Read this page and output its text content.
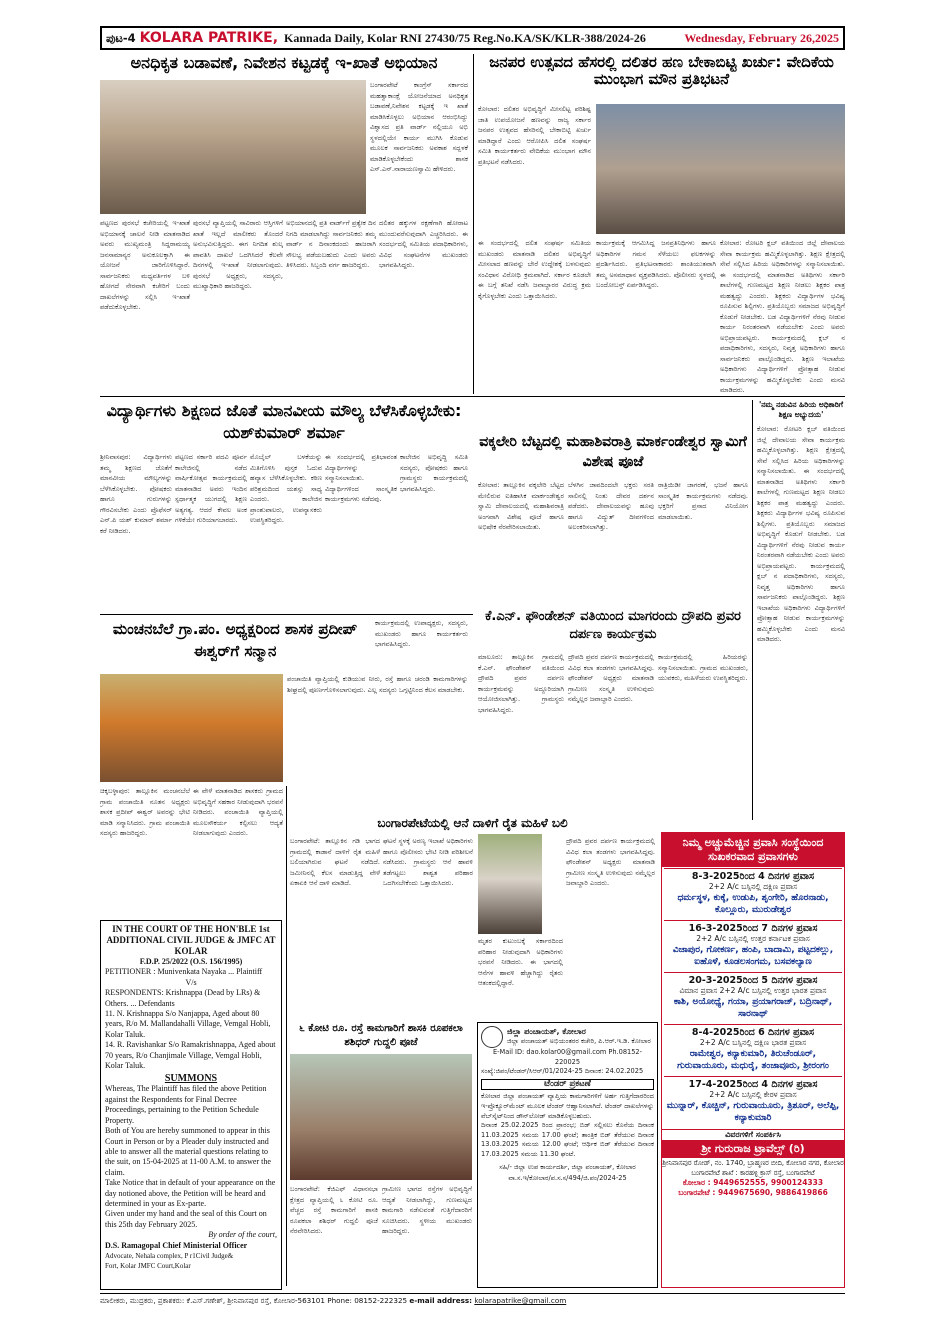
ಪುಟ-4 KOLARA PATRIKE, Kannada Daily, Kolar RNI 27430/75 Reg.No.KA/SK/KLR-388/2024-26	Wednesday, February 26,2025
ಅನಧಿಕೃತ ಬಡಾವಣೆ, ನಿವೇಶನ ಕಟ್ಟಡಕ್ಕೆ ಇ-ಖಾತೆ ಅಭಿಯಾನ
ಬಂಗಾರಪೇಟೆ ಕಾಂಗ್ರೆಸ್ ಸರ್ಕಾರದ ಮಹತ್ವಾಕಾಂಕ್ಷೆ ಯೋಜನೆಯಾದ ಅನಧಿಕೃತ ಬಡಾವಣೆ,ನಿವೇಶನ ಕಟ್ಟಡಕ್ಕೆ ಇ ಖಾತೆ ಮಾಡಿಸಿಕೊಳ್ಳಲು ಅಭಿಯಾನ ಆರಂಭಿಸಿದ್ದು ವಿಶ್ವಾಸದ ಪ್ರತಿ ವಾರ್ಡ್ ನಲ್ಲಿಯೂ ಅಭಿ ಸ್ಥಳದಲ್ಲಿಯೇ ಕಾರ್ಯ ಮುಗಿಸಿ ಕೊಡುವ ಮೂಲಕ ಸಾರ್ವಜನಿಕರು ಅವಕಾಶ ಸದ್ಬಳಕೆ ಮಾಡಿಕೊಳ್ಳಬೇಕೆಂದು ಶಾಸಕ ಎಸ್.ಎನ್.ನಾರಾಯಣಸ್ವಾಮಿ ಹೇಳಿದರು.
ಪಟ್ಟಣದ ಪುರಸಭೆ ಕಚೇರಿಯಲ್ಲಿ ಇ-ಖಾತೆ ಅಭಿಯಾನಕ್ಕೆ ಚಾಲನೆ ನೀಡಿ ಮಾತನಾಡಿದ ಅವರು ಮುಖ್ಯಮಂತ್ರಿ ಸಿದ್ದರಾಮಯ್ಯ ಜನಸಾಮಾನ್ಯರ ಅನುಕೂಲಕ್ಕಾಗಿ ಈ ಯೋಜನೆ ಜಾರಿಗೊಳಿಸಿದ್ದಾರೆ. ಸಾರ್ವಜನಿಕರು ಮಧ್ಯವರ್ತಿಗಳ ಬಳಿ ಹೋಗದೆ ನೇರವಾಗಿ ಕಚೇರಿಗೆ ಬಂದು ದಾಖಲೆಗಳನ್ನು ಸಲ್ಲಿಸಿ ಇ-ಖಾತೆ ಪಡೆದುಕೊಳ್ಳಬೇಕು.
ಪುರಸಭೆ ವ್ಯಾಪ್ತಿಯಲ್ಲಿ ಸಾವಿರಾರು ಆಸ್ತಿಗಳಿಗೆ ಖಾತೆ ಇಲ್ಲದೆ ಮಾಲೀಕರು ತೊಂದರೆ ಅನುಭವಿಸುತ್ತಿದ್ದರು. ಈಗ ನಿಗದಿತ ಶುಲ್ಕ ಪಾವತಿಸಿ ದಾಖಲೆ ಒದಗಿಸಿದರೆ ಕೆಲವೇ ದಿನಗಳಲ್ಲಿ ಇ-ಖಾತೆ ನೀಡಲಾಗುವುದು. ಪುರಸಭೆ ಅಧ್ಯಕ್ಷರು, ಸದಸ್ಯರು, ಮುಖ್ಯಾಧಿಕಾರಿ ಹಾಜರಿದ್ದರು.
ಅಭಿಯಾನದಲ್ಲಿ ಪ್ರತಿ ವಾರ್ಡ್‌ಗೆ ಪ್ರತ್ಯೇಕ ದಿನ ನಿಗದಿ ಮಾಡಲಾಗಿದ್ದು ಸಾರ್ವಜನಿಕರು ತಮ್ಮ ವಾರ್ಡ್ ನ ದಿನಾಂಕದಂದು ಹಾಜರಾಗಿ ಸೌಲಭ್ಯ ಪಡೆಯಬಹುದು ಎಂದು ಅವರು ತಿಳಿಸಿದರು. ಸಿಬ್ಬಂದಿ ವರ್ಗ ಹಾಜರಿದ್ದರು.
ದಲಿತರ ಹಕ್ಕುಗಳ ರಕ್ಷಣೆಗಾಗಿ ಹೋರಾಟ ಮುಂದುವರೆಸುವುದಾಗಿ ಎಚ್ಚರಿಸಿದರು. ಈ ಸಂದರ್ಭದಲ್ಲಿ ಸಮಿತಿಯ ಪದಾಧಿಕಾರಿಗಳು, ವಿವಿಧ ಸಂಘಟನೆಗಳ ಮುಖಂಡರು ಭಾಗವಹಿಸಿದ್ದರು.
ಜನಪರ ಉತ್ಸವದ ಹೆಸರಲ್ಲಿ ದಲಿತರ ಹಣ ಬೇಕಾಬಿಟ್ಟಿ ಖರ್ಚು: ವೇದಿಕೆಯ ಮುಂಭಾಗ ಮೌನ ಪ್ರತಿಭಟನೆ
ಕೋಲಾರ: ದಲಿತರ ಅಭಿವೃದ್ಧಿಗೆ ಮೀಸಲಿಟ್ಟ ಪರಿಶಿಷ್ಟ ಜಾತಿ ಉಪಯೋಜನೆ ಹಣವನ್ನು ರಾಜ್ಯ ಸರ್ಕಾರ ಜನಪರ ಉತ್ಸವದ ಹೆಸರಿನಲ್ಲಿ ಬೇಕಾಬಿಟ್ಟಿ ಖರ್ಚು ಮಾಡಿದ್ದಾರೆ ಎಂದು ಆರೋಪಿಸಿ ದಲಿತ ಸಂಘರ್ಷ ಸಮಿತಿ ಕಾರ್ಯಕರ್ತರು ವೇದಿಕೆಯ ಮುಂಭಾಗ ಮೌನ ಪ್ರತಿಭಟನೆ ನಡೆಸಿದರು.
ಈ ಸಂದರ್ಭದಲ್ಲಿ ದಲಿತ ಸಂಘರ್ಷ ಸಮಿತಿಯ ಮುಖಂಡರು ಮಾತನಾಡಿ ದಲಿತರ ಅಭಿವೃದ್ಧಿಗೆ ಮೀಸಲಾದ ಹಣವನ್ನು ಬೇರೆ ಉದ್ದೇಶಕ್ಕೆ ಬಳಸುವುದು ಸಂವಿಧಾನ ವಿರೋಧಿ ಕ್ರಮವಾಗಿದೆ. ಸರ್ಕಾರ ಕೂಡಲೇ ಈ ಬಗ್ಗೆ ತನಿಖೆ ನಡೆಸಿ ಜವಾಬ್ದಾರರ ವಿರುದ್ಧ ಕ್ರಮ ಕೈಗೊಳ್ಳಬೇಕು ಎಂದು ಒತ್ತಾಯಿಸಿದರು.
ಕಾರ್ಯಕ್ರಮಕ್ಕೆ ಆಗಮಿಸಿದ್ದ ಜನಪ್ರತಿನಿಧಿಗಳು ಹಾಗೂ ಅಧಿಕಾರಿಗಳ ಗಮನ ಸೆಳೆಯಲು ಫಲಕಗಳನ್ನು ಪ್ರದರ್ಶಿಸಿದರು. ಪ್ರತಿಭಟನಾಕಾರರು ಶಾಂತಿಯುತವಾಗಿ ತಮ್ಮ ಅಸಮಾಧಾನ ವ್ಯಕ್ತಪಡಿಸಿದರು. ಪೊಲೀಸರು ಸ್ಥಳದಲ್ಲಿ ಬಂದೋಬಸ್ತ್ ಏರ್ಪಡಿಸಿದ್ದರು.
ಕೋಲಾರ: ರೋಟರಿ ಕ್ಲಬ್ ವತಿಯಿಂದ ಜಿಲ್ಲೆ ದೇವಾಲಯ ಸೇವಾ ಕಾರ್ಯಕ್ರಮ ಹಮ್ಮಿಕೊಳ್ಳಲಾಗಿತ್ತು. ಶಿಕ್ಷಣ ಕ್ಷೇತ್ರದಲ್ಲಿ ಸೇವೆ ಸಲ್ಲಿಸಿದ ಹಿರಿಯ ಅಧಿಕಾರಿಗಳನ್ನು ಸನ್ಮಾನಿಸಲಾಯಿತು. ಈ ಸಂದರ್ಭದಲ್ಲಿ ಮಾತನಾಡಿದ ಅತಿಥಿಗಳು ಸರ್ಕಾರಿ ಶಾಲೆಗಳಲ್ಲಿ ಗುಣಮಟ್ಟದ ಶಿಕ್ಷಣ ನೀಡಲು ಶಿಕ್ಷಕರ ಪಾತ್ರ ಮಹತ್ವದ್ದು ಎಂದರು. ಶಿಕ್ಷಕರು ವಿದ್ಯಾರ್ಥಿಗಳ ಭವಿಷ್ಯ ರೂಪಿಸುವ ಶಿಲ್ಪಿಗಳು. ಪ್ರತಿಯೊಬ್ಬರು ಸಮಾಜದ ಅಭಿವೃದ್ಧಿಗೆ ಕೊಡುಗೆ ನೀಡಬೇಕು. ಬಡ ವಿದ್ಯಾರ್ಥಿಗಳಿಗೆ ನೆರವು ನೀಡುವ ಕಾರ್ಯ ನಿರಂತರವಾಗಿ ನಡೆಯಬೇಕು ಎಂದು ಅವರು ಅಭಿಪ್ರಾಯಪಟ್ಟರು. ಕಾರ್ಯಕ್ರಮದಲ್ಲಿ ಕ್ಲಬ್ ನ ಪದಾಧಿಕಾರಿಗಳು, ಸದಸ್ಯರು, ನಿವೃತ್ತ ಅಧಿಕಾರಿಗಳು ಹಾಗೂ ಸಾರ್ವಜನಿಕರು ಪಾಲ್ಗೊಂಡಿದ್ದರು. ಶಿಕ್ಷಣ ಇಲಾಖೆಯ ಅಧಿಕಾರಿಗಳು ವಿದ್ಯಾರ್ಥಿಗಳಿಗೆ ಪ್ರೋತ್ಸಾಹ ನೀಡುವ ಕಾರ್ಯಕ್ರಮಗಳನ್ನು ಹಮ್ಮಿಕೊಳ್ಳಬೇಕು ಎಂದು ಮನವಿ ಮಾಡಿದರು.
ವಿದ್ಯಾರ್ಥಿಗಳು ಶಿಕ್ಷಣದ ಜೊತೆ ಮಾನವೀಯ ಮೌಲ್ಯ ಬೆಳೆಸಿಕೊಳ್ಳಬೇಕು: ಯಶ್‌ಕುಮಾರ್ ಶರ್ಮಾ
ಶ್ರೀನಿವಾಸಪುರ: ವಿದ್ಯಾರ್ಥಿಗಳು ತಮ್ಮ ಶಿಕ್ಷಣದ ಜೊತೆಗೆ ಮಾನವೀಯ ಮೌಲ್ಯಗಳನ್ನು ಬೆಳೆಸಿಕೊಳ್ಳಬೇಕು. ಪೋಷಕರು ಹಾಗೂ ಗುರುಗಳನ್ನು ಗೌರವಿಸಬೇಕು ಎಂದು ಪ್ರೊಫೆಸರ್ ಎನ್.ಪಿ ಯಶ್ ಕುಮಾರ್ ಶರ್ಮಾ ಕರೆ ನೀಡಿದರು.
ಪಟ್ಟಣದ ಸರ್ಕಾರಿ ಪದವಿ ಪೂರ್ವ ಕಾಲೇಜಿನಲ್ಲಿ ನಡೆದ ವಾರ್ಷಿಕೋತ್ಸವ ಕಾರ್ಯಕ್ರಮದಲ್ಲಿ ಮಾತನಾಡಿದ ಅವರು ಇಂದಿನ ಸ್ಪರ್ಧಾತ್ಮಕ ಯುಗದಲ್ಲಿ ಶಿಕ್ಷಣ ಅತ್ಯಗತ್ಯ. ಆದರೆ ಕೇವಲ ಅಂಕ ಗಳಿಕೆಯೇ ಗುರಿಯಾಗಬಾರದು.
ಮೊಬೈಲ್ ಬಳಕೆಯನ್ನು ಮಿತಿಗೊಳಿಸಿ ಪುಸ್ತಕ ಓದುವ ಹವ್ಯಾಸ ಬೆಳೆಸಿಕೊಳ್ಳಬೇಕು. ಕಠಿಣ ಪರಿಶ್ರಮದಿಂದ ಯಶಸ್ಸು ಸಾಧ್ಯ ಎಂದರು. ಕಾಲೇಜಿನ ಪ್ರಾಂಶುಪಾಲರು, ಉಪನ್ಯಾಸಕರು ಉಪಸ್ಥಿತರಿದ್ದರು.
ಈ ಸಂದರ್ಭದಲ್ಲಿ ಪ್ರತಿಭಾವಂತ ವಿದ್ಯಾರ್ಥಿಗಳನ್ನು ಸನ್ಮಾನಿಸಲಾಯಿತು. ವಿದ್ಯಾರ್ಥಿಗಳಿಂದ ಸಾಂಸ್ಕೃತಿಕ ಕಾರ್ಯಕ್ರಮಗಳು ನಡೆದವು.
ಕಾಲೇಜಿನ ಅಭಿವೃದ್ಧಿ ಸಮಿತಿ ಸದಸ್ಯರು, ಪೋಷಕರು ಹಾಗೂ ಗ್ರಾಮಸ್ಥರು ಕಾರ್ಯಕ್ರಮದಲ್ಲಿ ಭಾಗವಹಿಸಿದ್ದರು.
ವಕ್ಕಲೇರಿ ಬೆಟ್ಟದಲ್ಲಿ ಮಹಾಶಿವರಾತ್ರಿ ಮಾರ್ಕಂಡೇಶ್ವರ ಸ್ವಾಮಿಗೆ ವಿಶೇಷ ಪೂಜೆ
ಕೋಲಾರ: ತಾಲ್ಲೂಕಿನ ವಕ್ಕಲೇರಿ ಬೆಟ್ಟದ ಮೇಲಿರುವ ಐತಿಹಾಸಿಕ ಮಾರ್ಕಂಡೇಶ್ವರ ಸ್ವಾಮಿ ದೇವಾಲಯದಲ್ಲಿ ಮಹಾಶಿವರಾತ್ರಿ ಅಂಗವಾಗಿ ವಿಶೇಷ ಪೂಜೆ ಹಾಗೂ ಅಭಿಷೇಕ ನೆರವೇರಿಸಲಾಯಿತು.
ಬೆಳಗಿನ ಜಾವದಿಂದಲೇ ಭಕ್ತರು ಸರತಿ ಸಾಲಿನಲ್ಲಿ ನಿಂತು ದೇವರ ದರ್ಶನ ಪಡೆದರು. ದೇವಾಲಯವನ್ನು ಹೂವು ಹಾಗೂ ವಿದ್ಯುತ್ ದೀಪಗಳಿಂದ ಅಲಂಕರಿಸಲಾಗಿತ್ತು.
ರಾತ್ರಿಯಿಡೀ ಜಾಗರಣೆ, ಭಜನೆ ಹಾಗೂ ಸಾಂಸ್ಕೃತಿಕ ಕಾರ್ಯಕ್ರಮಗಳು ನಡೆದವು. ಭಕ್ತರಿಗೆ ಪ್ರಸಾದ ವಿನಿಯೋಗ ಮಾಡಲಾಯಿತು.
'ನಮ್ಮ ನಡುವಿನ ಹಿರಿಯ ಅಧಿಕಾರಿಗೆ ಶಿಕ್ಷಣ ಅಭ್ಯುದಯ'
ಕೋಲಾರ: ರೋಟರಿ ಕ್ಲಬ್ ವತಿಯಿಂದ ಜಿಲ್ಲೆ ದೇವಾಲಯ ಸೇವಾ ಕಾರ್ಯಕ್ರಮ ಹಮ್ಮಿಕೊಳ್ಳಲಾಗಿತ್ತು. ಶಿಕ್ಷಣ ಕ್ಷೇತ್ರದಲ್ಲಿ ಸೇವೆ ಸಲ್ಲಿಸಿದ ಹಿರಿಯ ಅಧಿಕಾರಿಗಳನ್ನು ಸನ್ಮಾನಿಸಲಾಯಿತು. ಈ ಸಂದರ್ಭದಲ್ಲಿ ಮಾತನಾಡಿದ ಅತಿಥಿಗಳು ಸರ್ಕಾರಿ ಶಾಲೆಗಳಲ್ಲಿ ಗುಣಮಟ್ಟದ ಶಿಕ್ಷಣ ನೀಡಲು ಶಿಕ್ಷಕರ ಪಾತ್ರ ಮಹತ್ವದ್ದು ಎಂದರು. ಶಿಕ್ಷಕರು ವಿದ್ಯಾರ್ಥಿಗಳ ಭವಿಷ್ಯ ರೂಪಿಸುವ ಶಿಲ್ಪಿಗಳು. ಪ್ರತಿಯೊಬ್ಬರು ಸಮಾಜದ ಅಭಿವೃದ್ಧಿಗೆ ಕೊಡುಗೆ ನೀಡಬೇಕು. ಬಡ ವಿದ್ಯಾರ್ಥಿಗಳಿಗೆ ನೆರವು ನೀಡುವ ಕಾರ್ಯ ನಿರಂತರವಾಗಿ ನಡೆಯಬೇಕು ಎಂದು ಅವರು ಅಭಿಪ್ರಾಯಪಟ್ಟರು. ಕಾರ್ಯಕ್ರಮದಲ್ಲಿ ಕ್ಲಬ್ ನ ಪದಾಧಿಕಾರಿಗಳು, ಸದಸ್ಯರು, ನಿವೃತ್ತ ಅಧಿಕಾರಿಗಳು ಹಾಗೂ ಸಾರ್ವಜನಿಕರು ಪಾಲ್ಗೊಂಡಿದ್ದರು. ಶಿಕ್ಷಣ ಇಲಾಖೆಯ ಅಧಿಕಾರಿಗಳು ವಿದ್ಯಾರ್ಥಿಗಳಿಗೆ ಪ್ರೋತ್ಸಾಹ ನೀಡುವ ಕಾರ್ಯಕ್ರಮಗಳನ್ನು ಹಮ್ಮಿಕೊಳ್ಳಬೇಕು ಎಂದು ಮನವಿ ಮಾಡಿದರು.
ಕೆ.ಎನ್. ಫೌಂಡೇಶನ್ ವತಿಯಿಂದ ಮಾಗರಂದು ದ್ರೌಪದಿ ಪ್ರವರ ದರ್ಪಣ ಕಾರ್ಯಕ್ರಮ
ಮಾಲೂರು: ತಾಲ್ಲೂಕಿನ ಗ್ರಾಮದಲ್ಲಿ ಕೆ.ಎನ್. ಫೌಂಡೇಶನ್ ವತಿಯಿಂದ ದ್ರೌಪದಿ ಪ್ರವರ ದರ್ಪಣ ಕಾರ್ಯಕ್ರಮವನ್ನು ಅದ್ದೂರಿಯಾಗಿ ಆಯೋಜಿಸಲಾಗಿತ್ತು. ಗ್ರಾಮಸ್ಥರು ಭಾಗವಹಿಸಿದ್ದರು.
ದ್ರೌಪದಿ ಪ್ರವರ ದರ್ಪಣ ಕಾರ್ಯಕ್ರಮದಲ್ಲಿ ವಿವಿಧ ಕಲಾ ತಂಡಗಳು ಭಾಗವಹಿಸಿದ್ದವು. ಫೌಂಡೇಶನ್ ಅಧ್ಯಕ್ಷರು ಮಾತನಾಡಿ ಗ್ರಾಮೀಣ ಸಂಸ್ಕೃತಿ ಉಳಿಸುವುದು ನಮ್ಮೆಲ್ಲರ ಜವಾಬ್ದಾರಿ ಎಂದರು.
ಕಾರ್ಯಕ್ರಮದಲ್ಲಿ ಹಿರಿಯರನ್ನು ಸನ್ಮಾನಿಸಲಾಯಿತು. ಗ್ರಾಮದ ಮುಖಂಡರು, ಯುವಕರು, ಮಹಿಳೆಯರು ಉಪಸ್ಥಿತರಿದ್ದರು.
ಮಂಚನಬೆಲೆ ಗ್ರಾ.ಪಂ. ಅಧ್ಯಕ್ಷರಿಂದ ಶಾಸಕ ಪ್ರದೀಪ್ ಈಶ್ವರ್‌ಗೆ ಸನ್ಮಾನ
ಕಾರ್ಯಕ್ರಮದಲ್ಲಿ ಉಪಾಧ್ಯಕ್ಷರು, ಸದಸ್ಯರು, ಮುಖಂಡರು ಹಾಗೂ ಕಾರ್ಯಕರ್ತರು ಭಾಗವಹಿಸಿದ್ದರು.
ಪಂಚಾಯಿತಿ ವ್ಯಾಪ್ತಿಯಲ್ಲಿ ಕುಡಿಯುವ ನೀರು, ರಸ್ತೆ ಹಾಗೂ ಚರಂಡಿ ಕಾಮಗಾರಿಗಳನ್ನು ಶೀಘ್ರದಲ್ಲಿ ಪೂರ್ಣಗೊಳಿಸಲಾಗುವುದು. ಎಲ್ಲ ಸದಸ್ಯರು ಒಗ್ಗಟ್ಟಿನಿಂದ ಕೆಲಸ ಮಾಡಬೇಕು.
ಚಿಕ್ಕಬಳ್ಳಾಪುರ: ತಾಲ್ಲೂಕಿನ ಮಂಚನಬೆಲೆ ಗ್ರಾಮ ಪಂಚಾಯಿತಿ ನೂತನ ಅಧ್ಯಕ್ಷರು ಶಾಸಕ ಪ್ರದೀಪ್ ಈಶ್ವರ್ ಅವರನ್ನು ಭೇಟಿ ಮಾಡಿ ಸನ್ಮಾನಿಸಿದರು. ಗ್ರಾಮ ಪಂಚಾಯಿತಿ ಸದಸ್ಯರು ಹಾಜರಿದ್ದರು.
ಈ ವೇಳೆ ಮಾತನಾಡಿದ ಶಾಸಕರು ಗ್ರಾಮದ ಅಭಿವೃದ್ಧಿಗೆ ಸಹಕಾರ ನೀಡುವುದಾಗಿ ಭರವಸೆ ನೀಡಿದರು. ಪಂಚಾಯಿತಿ ವ್ಯಾಪ್ತಿಯಲ್ಲಿ ಮೂಲಸೌಕರ್ಯ ಕಲ್ಪಿಸಲು ಆದ್ಯತೆ ನೀಡಲಾಗುವುದು ಎಂದರು.
ಬಂಗಾರಪೇಟೆಯಲ್ಲಿ ಆನೆ ದಾಳಿಗೆ ರೈತ ಮಹಿಳೆ ಬಲಿ
ಬಂಗಾರಪೇಟೆ: ತಾಲ್ಲೂಕಿನ ಗಡಿ ಭಾಗದ ಗ್ರಾಮದಲ್ಲಿ ಕಾಡಾನೆ ದಾಳಿಗೆ ರೈತ ಮಹಿಳೆ ಬಲಿಯಾಗಿರುವ ಘಟನೆ ನಡೆದಿದೆ. ಜಮೀನಿನಲ್ಲಿ ಕೆಲಸ ಮಾಡುತ್ತಿದ್ದ ವೇಳೆ ಏಕಾಏಕಿ ಆನೆ ದಾಳಿ ಮಾಡಿದೆ.
ಘಟನೆ ಸ್ಥಳಕ್ಕೆ ಅರಣ್ಯ ಇಲಾಖೆ ಅಧಿಕಾರಿಗಳು ಹಾಗೂ ಪೊಲೀಸರು ಭೇಟಿ ನೀಡಿ ಪರಿಶೀಲನೆ ನಡೆಸಿದರು. ಗ್ರಾಮಸ್ಥರು ಆನೆ ಹಾವಳಿ ತಡೆಗಟ್ಟಲು ಶಾಶ್ವತ ಪರಿಹಾರ ಒದಗಿಸಬೇಕೆಂದು ಒತ್ತಾಯಿಸಿದರು.
ಮೃತರ ಕುಟುಂಬಕ್ಕೆ ಸರ್ಕಾರದಿಂದ ಪರಿಹಾರ ನೀಡುವುದಾಗಿ ಅಧಿಕಾರಿಗಳು ಭರವಸೆ ನೀಡಿದರು. ಈ ಭಾಗದಲ್ಲಿ ಆನೆಗಳ ಹಾವಳಿ ಹೆಚ್ಚಾಗಿದ್ದು ರೈತರು ಆತಂಕದಲ್ಲಿದ್ದಾರೆ.
ದ್ರೌಪದಿ ಪ್ರವರ ದರ್ಪಣ ಕಾರ್ಯಕ್ರಮದಲ್ಲಿ ವಿವಿಧ ಕಲಾ ತಂಡಗಳು ಭಾಗವಹಿಸಿದ್ದವು. ಫೌಂಡೇಶನ್ ಅಧ್ಯಕ್ಷರು ಮಾತನಾಡಿ ಗ್ರಾಮೀಣ ಸಂಸ್ಕೃತಿ ಉಳಿಸುವುದು ನಮ್ಮೆಲ್ಲರ ಜವಾಬ್ದಾರಿ ಎಂದರು.
IN THE COURT OF THE HON'BLE 1st ADDITIONAL CIVIL JUDGE & JMFC AT KOLAR
F.D.P. 25/2022 (O.S. 156/1995)
PETITIONER : Munivenkata Nayaka ... Plaintiff
V/s
RESPONDENTS: Krishnappa (Dead by LRs) & Others. ... Defendants
11. N. Krishnappa S/o Nanjappa, Aged about 80 years, R/o M. Mallandahalli Village, Vemgal Hobli, Kolar Taluk.
14. R. Ravishankar S/o Ramakrishnappa, Aged about 70 years, R/o Chanjimale Village, Vemgal Hobli, Kolar Taluk.
SUMMONS
Whereas, The Plaintiff has filed the above Petition against the Respondents for Final Decree Proceedings, pertaining to the Petition Schedule Property.
Both of You are hereby summoned to appear in this Court in Person or by a Pleader duly instructed and able to answer all the material questions relating to the suit, on 15-04-2025 at 11-00 A.M. to answer the claim.
Take Notice that in default of your appearance on the day notioned above, the Petition will be heard and determined in your as Ex-parte.
Given under my hand and the seal of this Court on this 25th day February 2025.
By order of the court,
D.S. Ramagopal Chief Ministerial Officer
Advocate, Nehala complex, P r1Civil Judge&
Fort, Kolar JMFC Court,Kolar
೬ ಕೋಟಿ ರೂ. ರಸ್ತೆ ಕಾಮಗಾರಿಗೆ ಶಾಸಕಿ ರೂಪಕಲಾ ಶಶಿಧರ್ ಗುದ್ದಲಿ ಪೂಜೆ
ಬಂಗಾರಪೇಟೆ: ಕೆಜಿಎಫ್ ವಿಧಾನಸಭಾ ಕ್ಷೇತ್ರದ ವ್ಯಾಪ್ತಿಯಲ್ಲಿ ೬ ಕೋಟಿ ರೂ. ವೆಚ್ಚದ ರಸ್ತೆ ಕಾಮಗಾರಿಗೆ ಶಾಸಕಿ ರೂಪಕಲಾ ಶಶಿಧರ್ ಗುದ್ದಲಿ ಪೂಜೆ ನೆರವೇರಿಸಿದರು.
ಗ್ರಾಮೀಣ ಭಾಗದ ರಸ್ತೆಗಳ ಅಭಿವೃದ್ಧಿಗೆ ಆದ್ಯತೆ ನೀಡಲಾಗಿದ್ದು, ಗುಣಮಟ್ಟದ ಕಾಮಗಾರಿ ನಡೆಸುವಂತೆ ಗುತ್ತಿಗೆದಾರರಿಗೆ ಸೂಚಿಸಿದರು. ಸ್ಥಳೀಯ ಮುಖಂಡರು ಹಾಜರಿದ್ದರು.
ಜಿಲ್ಲಾ ಪಂಚಾಯತ್, ಕೋಲಾರ
ಜಿಲ್ಲಾ ಪಂಚಾಯತ್ ಅಭಿಯಂತರರ ಕಚೇರಿ, ಪಿ.ಆರ್.ಇ.ಡಿ. ಕೋಲಾರ
E-Mail ID: dao.kolar00@gmail.com Ph.08152-220025
ಸಂಖ್ಯೆ:ಜಿಪಂ/ಟೆಂಡರ್/ಸಿಆರ್/01/2024-25 ದಿನಾಂಕ: 24.02.2025
ಟೆಂಡರ್ ಪ್ರಕಟಣೆ
ಕೋಲಾರ ಜಿಲ್ಲಾ ಪಂಚಾಯತ್ ವ್ಯಾಪ್ತಿಯ ಕಾಮಗಾರಿಗಳಿಗೆ ಅರ್ಹ ಗುತ್ತಿಗೆದಾರರಿಂದ ಇ-ಪ್ರೊಕ್ಯೂರ್‌ಮೆಂಟ್ ಮೂಲಕ ಟೆಂಡರ್ ಆಹ್ವಾನಿಸಲಾಗಿದೆ. ಟೆಂಡರ್ ದಾಖಲೆಗಳನ್ನು ವೆಬ್‌ಸೈಟ್‌ನಿಂದ ಡೌನ್‌ಲೋಡ್ ಮಾಡಿಕೊಳ್ಳಬಹುದು.
ದಿನಾಂಕ 25.02.2025 ರಿಂದ ಪ್ರಾರಂಭ; ಬಿಡ್ ಸಲ್ಲಿಸಲು ಕೊನೆಯ ದಿನಾಂಕ 11.03.2025 ಸಮಯ 17.00 ಘಂಟೆ; ತಾಂತ್ರಿಕ ಬಿಡ್ ತೆರೆಯುವ ದಿನಾಂಕ 13.03.2025 ಸಮಯ 12.00 ಘಂಟೆ; ಆರ್ಥಿಕ ಬಿಡ್ ತೆರೆಯುವ ದಿನಾಂಕ 17.03.2025 ಸಮಯ 11.30 ಘಂಟೆ.
ಸಹಿ/- ಜಿಲ್ಲಾ ಉಪ ಕಾರ್ಯದರ್ಶಿ, ಜಿಲ್ಲಾ ಪಂಚಾಯತ್, ಕೋಲಾರ
ವಾ.ಸ.ಇ/ಕೋಲಾರ/ಪ.ಸ.ಸ/494/ಜಿ.ಪಂ/2024-25
ನಿಮ್ಮ ಅಚ್ಚುಮೆಚ್ಚಿನ ಪ್ರವಾಸಿ ಸಂಸ್ಥೆಯಿಂದ ಸುಖಕರವಾದ ಪ್ರವಾಸಗಳು
8-3-2025ರಿಂದ 4 ದಿನಗಳ ಪ್ರವಾಸ
2+2 A/c ಬಸ್ಸಿನಲ್ಲಿ ದಕ್ಷಿಣ ಪ್ರವಾಸ
ಧರ್ಮಸ್ಥಳ, ಕುಕ್ಕೆ, ಉಡುಪಿ, ಶೃಂಗೇರಿ, ಹೊರನಾಡು, ಕೊಲ್ಲೂರು, ಮುರುಡೇಶ್ವರ
16-3-2025ರಿಂದ 7 ದಿನಗಳ ಪ್ರವಾಸ
2+2 A/c ಬಸ್ಸಿನಲ್ಲಿ ಉತ್ತರ ಕರ್ನಾಟಕ ಪ್ರವಾಸ
ವಿಜಾಪುರ, ಗೋಕರ್ಣ, ಹಂಪಿ, ಬಾದಾಮಿ, ಪಟ್ಟದಕಲ್ಲು, ಐಹೊಳೆ, ಕೂಡಲಸಂಗಮ, ಬಸವಕಲ್ಯಾಣ
20-3-2025ರಿಂದ 5 ದಿನಗಳ ಪ್ರವಾಸ
ವಿಮಾನ ಪ್ರವಾಸ 2+2 A/c ಬಸ್ಸಿನಲ್ಲಿ ಉತ್ತರ ಭಾರತ ಪ್ರವಾಸ
ಕಾಶಿ, ಅಯೋಧ್ಯೆ, ಗಯಾ, ಪ್ರಯಾಗರಾಜ್, ಬದ್ರಿನಾಥ್, ಸಾರನಾಥ್
8-4-2025ರಿಂದ 6 ದಿನಗಳ ಪ್ರವಾಸ
2+2 A/c ಬಸ್ಸಿನಲ್ಲಿ ದಕ್ಷಿಣ ಭಾರತ ಪ್ರವಾಸ
ರಾಮೇಶ್ವರ, ಕನ್ಯಾಕುಮಾರಿ, ತಿರುಚೆಂಡೂರ್, ಗುರುವಾಯೂರು, ಮಧುರೈ, ತಂಜಾವೂರು, ಶ್ರೀರಂಗಂ
17-4-2025ರಿಂದ 4 ದಿನಗಳ ಪ್ರವಾಸ
2+2 A/c ಬಸ್ಸಿನಲ್ಲಿ ಕೇರಳ ಪ್ರವಾಸ
ಮುನ್ನಾರ್, ಕೊಚ್ಚಿನ್, ಗುರುವಾಯೂರು, ತ್ರಿಶೂರ್, ಅಲೆಪ್ಪಿ, ಕನ್ಯಾಕುಮಾರಿ
ವಿವರಗಳಿಗೆ ಸಂಪರ್ಕಿಸಿ
ಶ್ರೀ ಗುರುರಾಜ ಟ್ರಾವೆಲ್ಸ್ (ರಿ)
ಶ್ರೀನಿವಾಸಪುರ ರೋಡ್, ನಂ. 1740, ಬ್ರಾಹ್ಮಣರ ಬೀದಿ, ಕೋಲಾರ ನಗರ, ಕೋಲಾರ
ಬಂಗಾರಪೇಟೆ ಶಾಖೆ : ಕಾರಹಳ್ಳಿ ಕ್ರಾಸ್ ರಸ್ತೆ, ಬಂಗಾರಪೇಟೆ
ಕೋಲಾರ : 9449652555, 9900124333
ಬಂಗಾರಪೇಟೆ : 9449675690, 9886419866
ಮಾಲೀಕರು, ಮುದ್ರಕರು, ಪ್ರಕಾಶಕರು: ಕೆ.ಎಸ್.ಗಣೇಶ್, ಶ್ರೀನಿವಾಸಪುರ ರಸ್ತೆ, ಕೋಲಾರ-563101 Phone: 08152-222325 e-mail address: kolarapatrike@gmail.com
